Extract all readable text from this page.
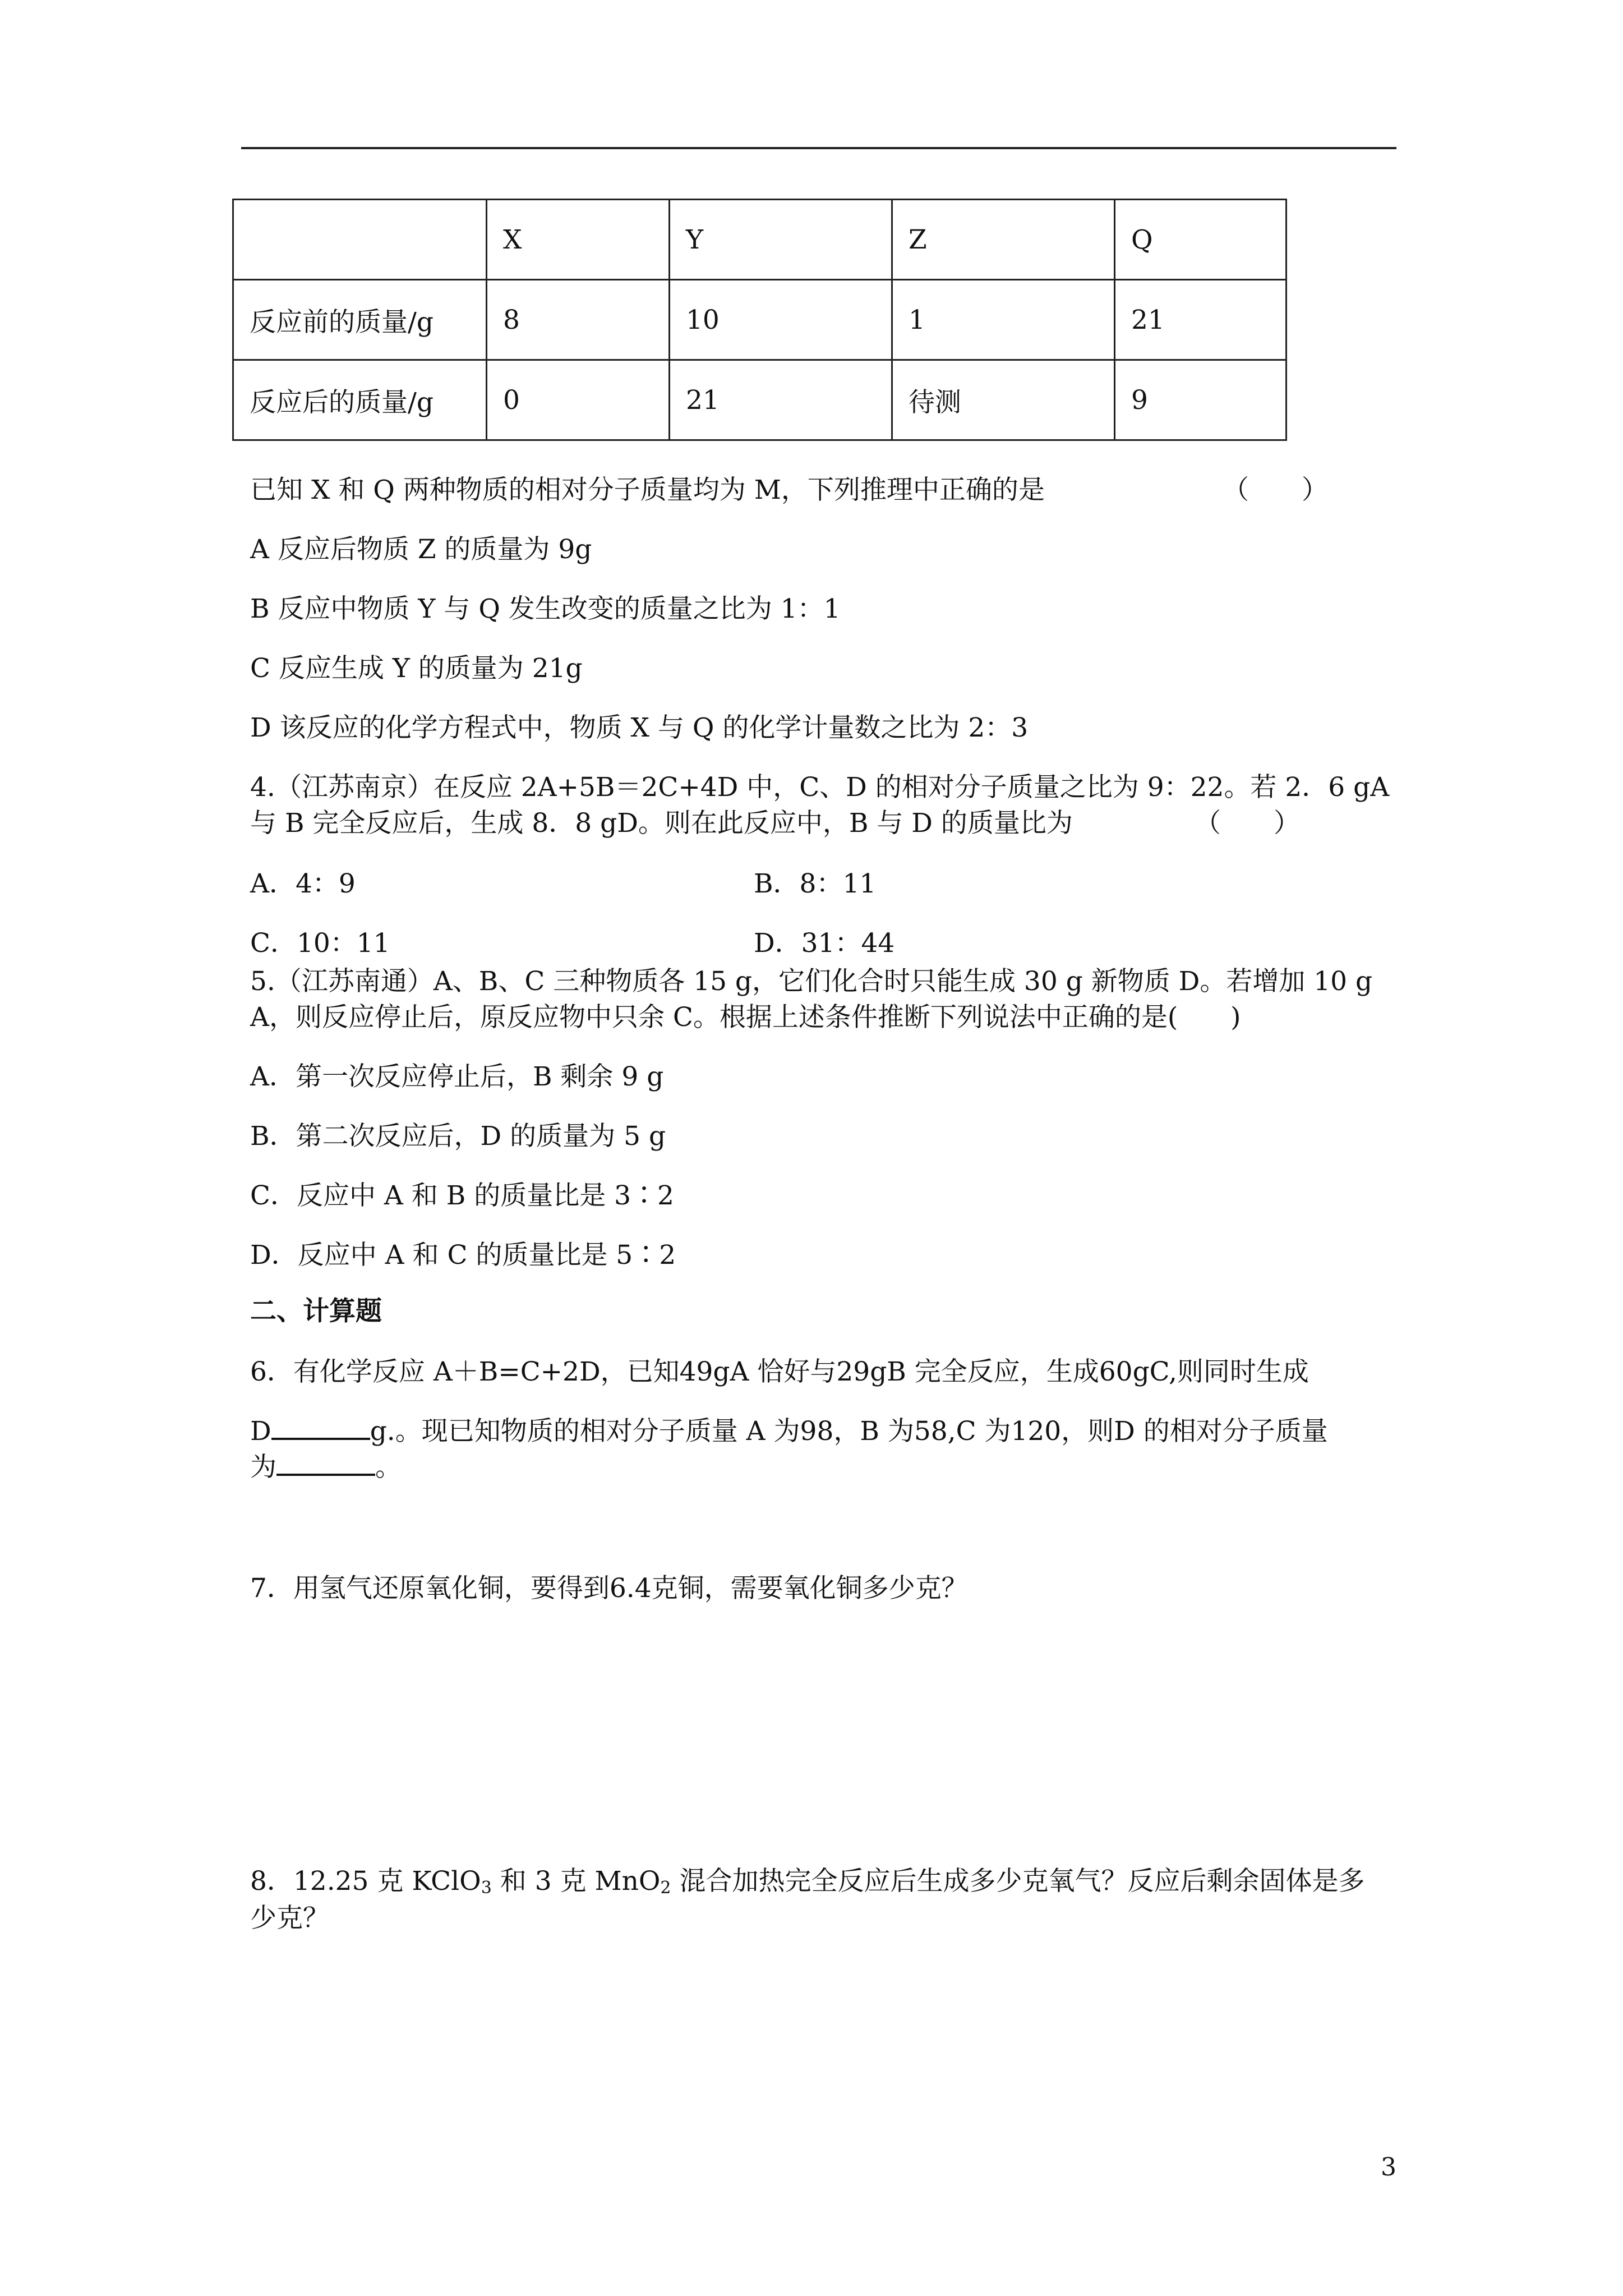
	X	Y	Z	Q
反应前的质量/g	8	10	1	21
反应后的质量/g	0	21	待测	9
已知 X 和 Q 两种物质的相对分子质量均为 M，下列推理中正确的是	（　　）
A 反应后物质 Z 的质量为 9g
B 反应中物质 Y 与 Q 发生改变的质量之比为 1：1
C 反应生成 Y 的质量为 21g
D 该反应的化学方程式中，物质 X 与 Q 的化学计量数之比为 2：3
4.（江苏南京）在反应 2A+5B＝2C+4D 中，C、D 的相对分子质量之比为 9：22。若 2．6 gA
与 B 完全反应后，生成 8．8 gD。则在此反应中，B 与 D 的质量比为	（　　）
A．4：9	B．8：11
C．10：11	D．31：44
5.（江苏南通）A、B、C 三种物质各 15 g，它们化合时只能生成 30 g 新物质 D。若增加 10 g
A，则反应停止后，原反应物中只余 C。根据上述条件推断下列说法中正确的是(　　)
A．第一次反应停止后，B 剩余 9 g
B．第二次反应后，D 的质量为 5 g
C．反应中 A 和 B 的质量比是 3∶2
D．反应中 A 和 C 的质量比是 5∶2
二、计算题
6．有化学反应 A＋B=C+2D，已知49gA 恰好与29gB 完全反应，生成60gC,则同时生成
D	g.。现已知物质的相对分子质量 A 为98，B 为58,C 为120，则D 的相对分子质量
为	。
7．用氢气还原氧化铜，要得到6.4克铜，需要氧化铜多少克？
8．12.25 克 KClO$_3$ 和 3 克 MnO$_2$ 混合加热完全反应后生成多少克氧气？反应后剩余固体是多
少克？
3
